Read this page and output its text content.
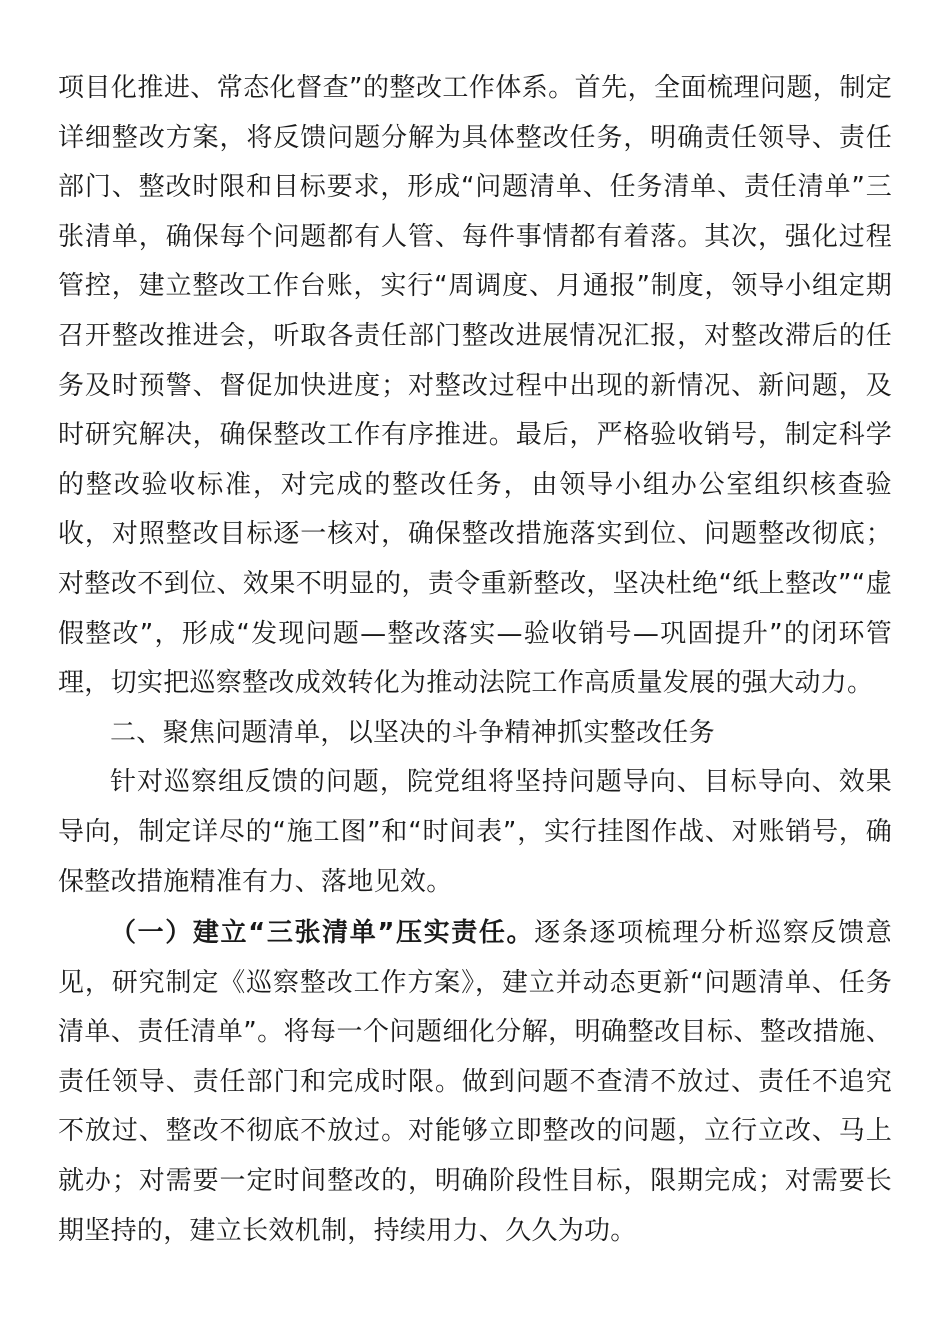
项目化推进、常态化督查”的整改工作体系。首先，全面梳理问题，制定详细整改方案，将反馈问题分解为具体整改任务，明确责任领导、责任部门、整改时限和目标要求，形成“问题清单、任务清单、责任清单”三张清单，确保每个问题都有人管、每件事情都有着落。其次，强化过程管控，建立整改工作台账，实行“周调度、月通报”制度，领导小组定期召开整改推进会，听取各责任部门整改进展情况汇报，对整改滞后的任务及时预警、督促加快进度；对整改过程中出现的新情况、新问题，及时研究解决，确保整改工作有序推进。最后，严格验收销号，制定科学的整改验收标准，对完成的整改任务，由领导小组办公室组织核查验收，对照整改目标逐一核对，确保整改措施落实到位、问题整改彻底；对整改不到位、效果不明显的，责令重新整改，坚决杜绝“纸上整改”“虚假整改”，形成“发现问题—整改落实—验收销号—巩固提升”的闭环管理，切实把巡察整改成效转化为推动法院工作高质量发展的强大动力。

二、聚焦问题清单，以坚决的斗争精神抓实整改任务

针对巡察组反馈的问题，院党组将坚持问题导向、目标导向、效果导向，制定详尽的“施工图”和“时间表”，实行挂图作战、对账销号，确保整改措施精准有力、落地见效。

（一）建立“三张清单”压实责任。逐条逐项梳理分析巡察反馈意见，研究制定《巡察整改工作方案》，建立并动态更新“问题清单、任务清单、责任清单”。将每一个问题细化分解，明确整改目标、整改措施、责任领导、责任部门和完成时限。做到问题不查清不放过、责任不追究不放过、整改不彻底不放过。对能够立即整改的问题，立行立改、马上就办；对需要一定时间整改的，明确阶段性目标，限期完成；对需要长期坚持的，建立长效机制，持续用力、久久为功。
